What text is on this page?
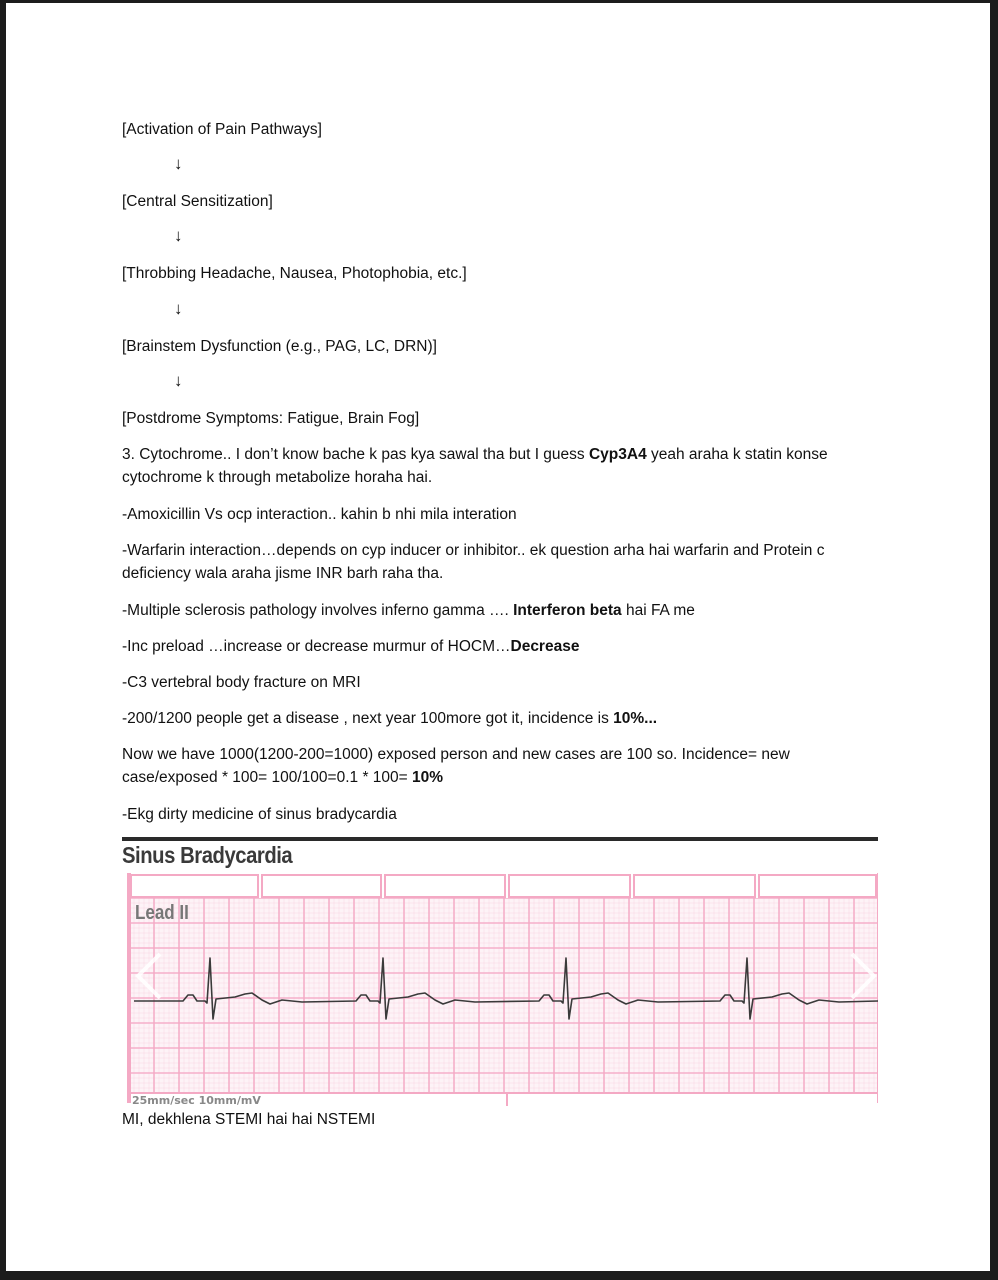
[Activation of Pain Pathways]
↓
[Central Sensitization]
↓
[Throbbing Headache, Nausea, Photophobia, etc.]
↓
[Brainstem Dysfunction (e.g., PAG, LC, DRN)]
↓
[Postdrome Symptoms: Fatigue, Brain Fog]
3. Cytochrome.. I don’t know bache k pas kya sawal tha but I guess Cyp3A4 yeah araha k statin konse cytochrome k through metabolize horaha hai.
-Amoxicillin Vs ocp interaction.. kahin b nhi mila interation
-Warfarin interaction…depends on cyp inducer or inhibitor.. ek question arha hai warfarin and Protein c deficiency wala araha jisme INR barh raha tha.
-Multiple sclerosis pathology involves inferno gamma …. Interferon beta hai FA me
-Inc preload …increase or decrease murmur of HOCM…Decrease
-C3 vertebral body fracture on MRI
-200/1200 people get a disease , next year 100more got it, incidence is 10%...
Now we have 1000(1200-200=1000) exposed person and new cases are 100 so. Incidence= new case/exposed * 100= 100/100=0.1 * 100= 10%
-Ekg dirty medicine of sinus bradycardia
MI, dekhlena STEMI hai hai NSTEMI
Sinus Bradycardia
Lead II
25mm/sec 10mm/mV
